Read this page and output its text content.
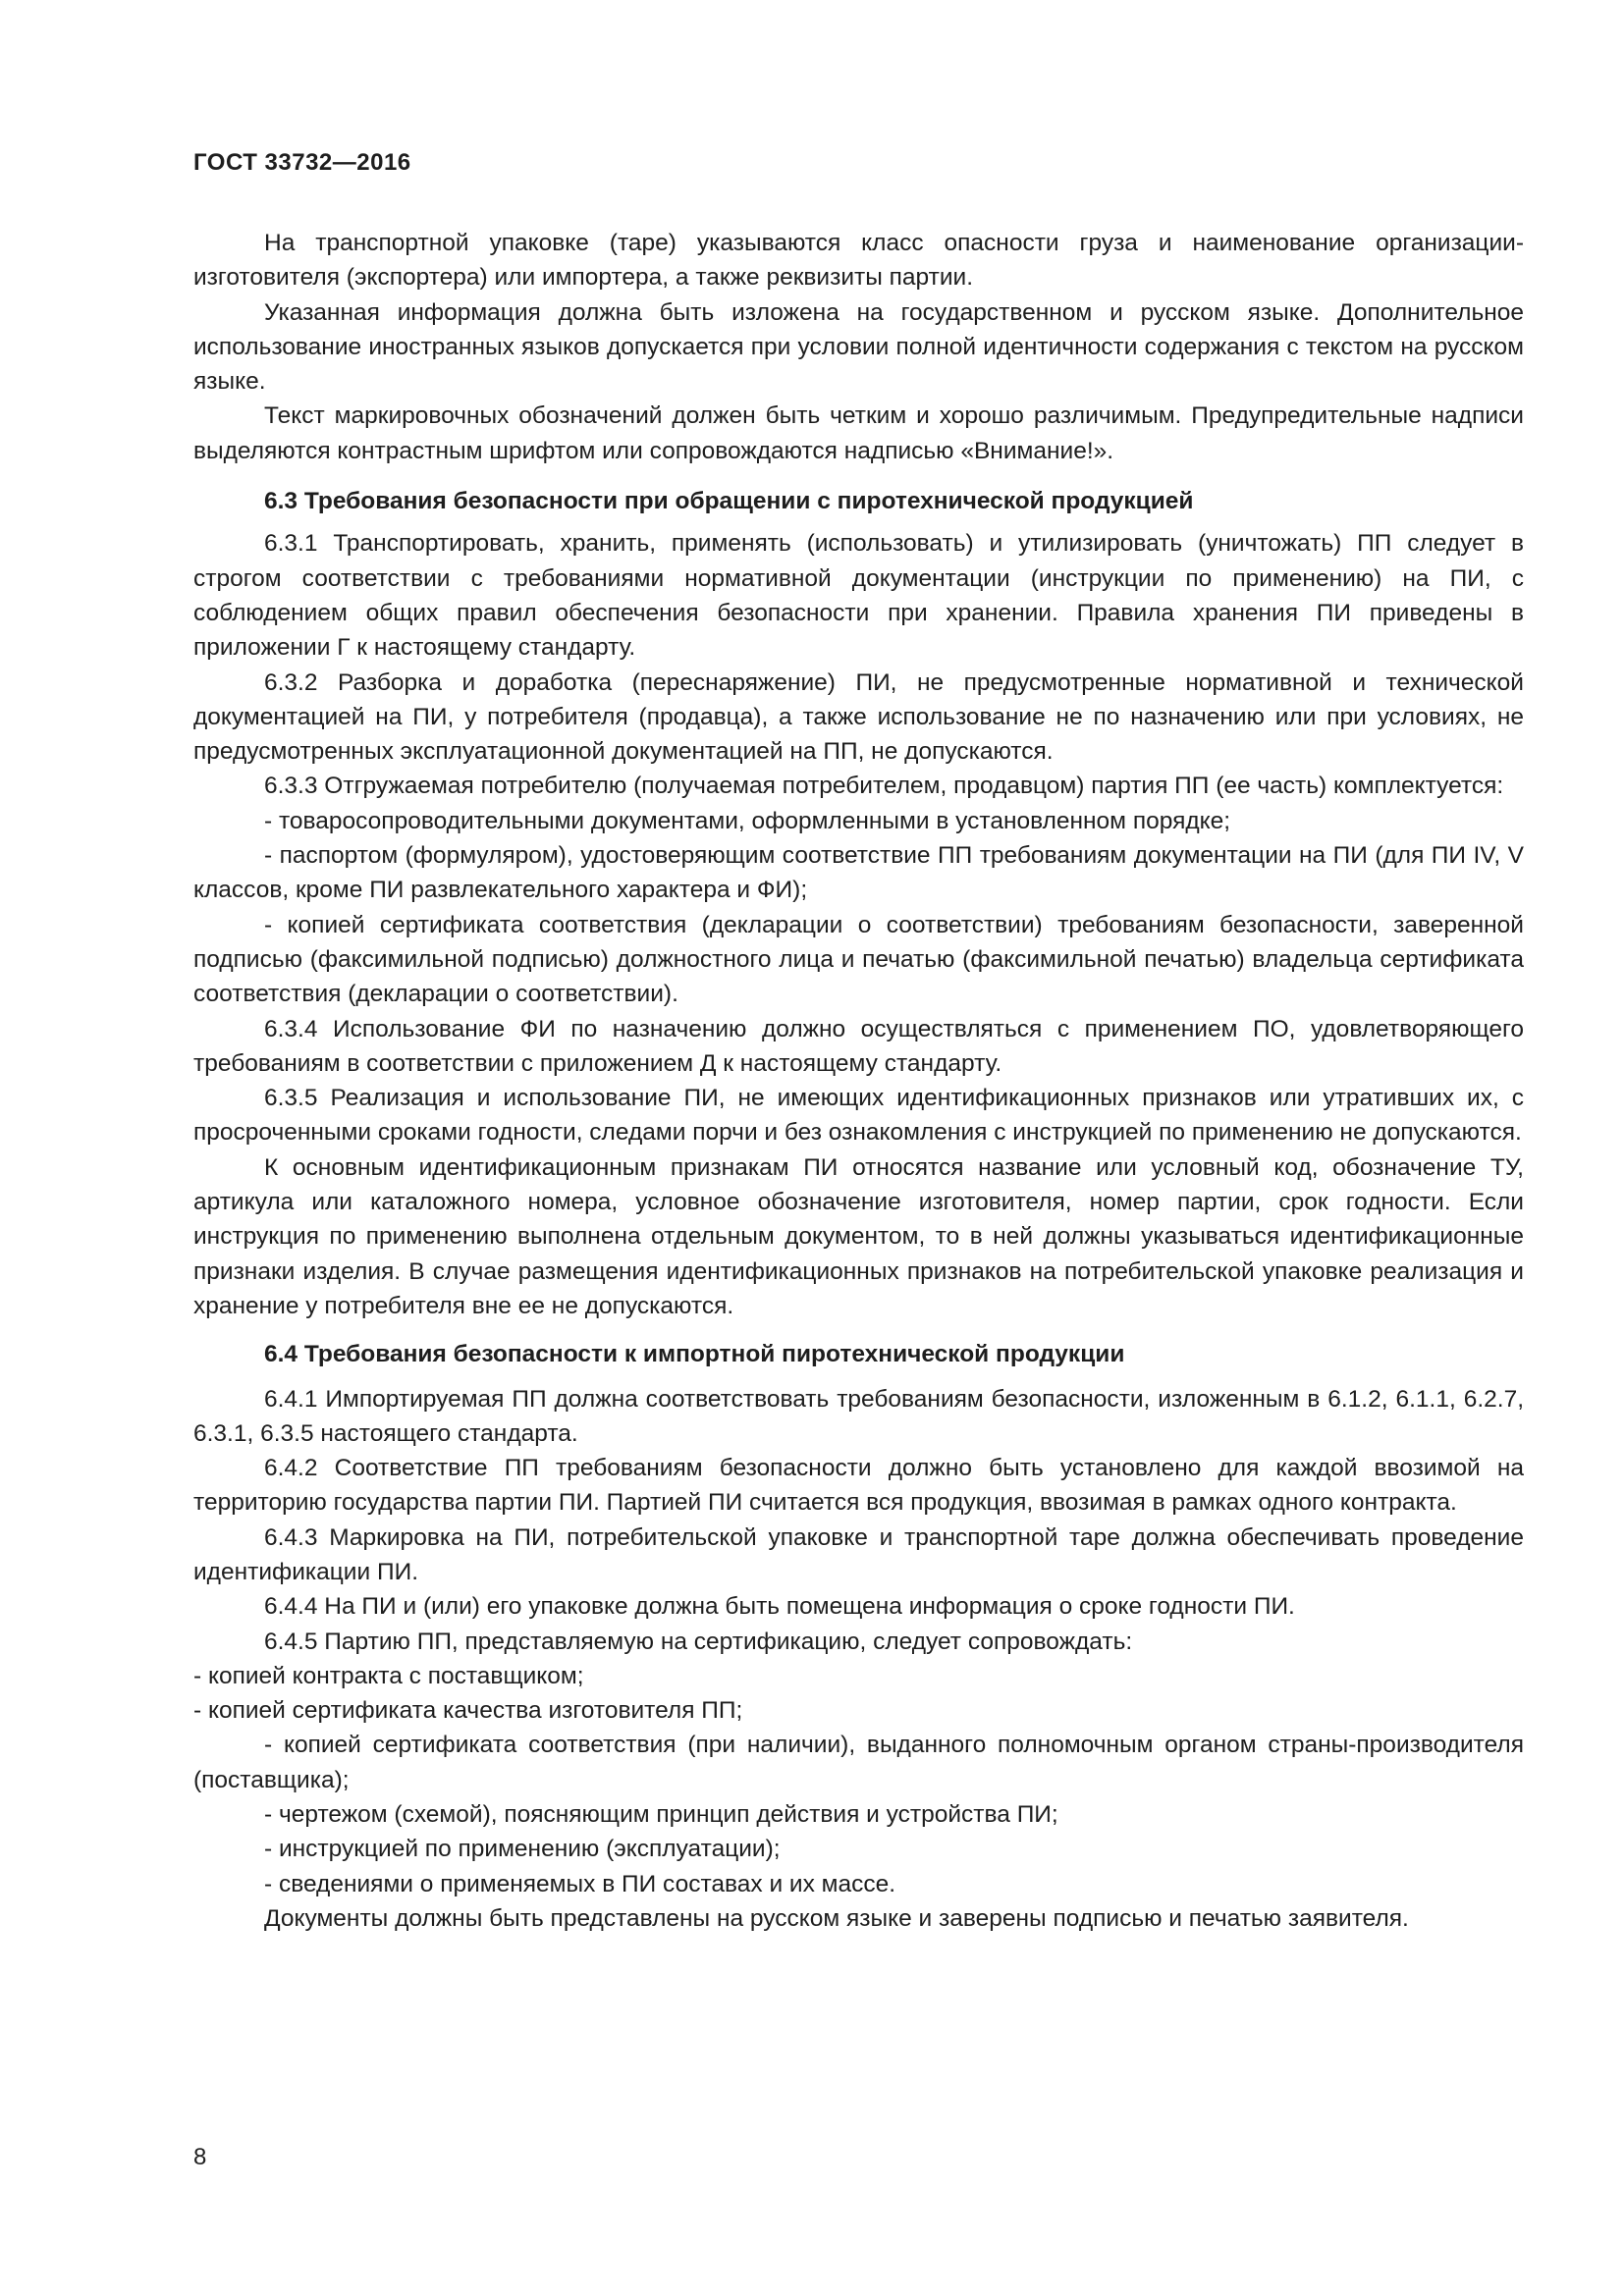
ГОСТ 33732—2016

На транспортной упаковке (таре) указываются класс опасности груза и наименование организации-изготовителя (экспортера) или импортера, а также реквизиты партии.

Указанная информация должна быть изложена на государственном и русском языке. Дополнительное использование иностранных языков допускается при условии полной идентичности содержания с текстом на русском языке.

Текст маркировочных обозначений должен быть четким и хорошо различимым. Предупредительные надписи выделяются контрастным шрифтом или сопровождаются надписью «Внимание!».

6.3 Требования безопасности при обращении с пиротехнической продукцией

6.3.1 Транспортировать, хранить, применять (использовать) и утилизировать (уничтожать) ПП следует в строгом соответствии с требованиями нормативной документации (инструкции по применению) на ПИ, с соблюдением общих правил обеспечения безопасности при хранении. Правила хранения ПИ приведены в приложении Г к настоящему стандарту.

6.3.2 Разборка и доработка (переснаряжение) ПИ, не предусмотренные нормативной и технической документацией на ПИ, у потребителя (продавца), а также использование не по назначению или при условиях, не предусмотренных эксплуатационной документацией на ПП, не допускаются.

6.3.3 Отгружаемая потребителю (получаемая потребителем, продавцом) партия ПП (ее часть) комплектуется:

- товаросопроводительными документами, оформленными в установленном порядке;

- паспортом (формуляром), удостоверяющим соответствие ПП требованиям документации на ПИ (для ПИ IV, V классов, кроме ПИ развлекательного характера и ФИ);

- копией сертификата соответствия (декларации о соответствии) требованиям безопасности, заверенной подписью (факсимильной подписью) должностного лица и печатью (факсимильной печатью) владельца сертификата соответствия (декларации о соответствии).

6.3.4 Использование ФИ по назначению должно осуществляться с применением ПО, удовлетворяющего требованиям в соответствии с приложением Д к настоящему стандарту.

6.3.5 Реализация и использование ПИ, не имеющих идентификационных признаков или утративших их, с просроченными сроками годности, следами порчи и без ознакомления с инструкцией по применению не допускаются.

К основным идентификационным признакам ПИ относятся название или условный код, обозначение ТУ, артикула или каталожного номера, условное обозначение изготовителя, номер партии, срок годности. Если инструкция по применению выполнена отдельным документом, то в ней должны указываться идентификационные признаки изделия. В случае размещения идентификационных признаков на потребительской упаковке реализация и хранение у потребителя вне ее не допускаются.

6.4 Требования безопасности к импортной пиротехнической продукции

6.4.1 Импортируемая ПП должна соответствовать требованиям безопасности, изложенным в 6.1.2, 6.1.1, 6.2.7, 6.3.1, 6.3.5 настоящего стандарта.

6.4.2 Соответствие ПП требованиям безопасности должно быть установлено для каждой ввозимой на территорию государства партии ПИ. Партией ПИ считается вся продукция, ввозимая в рамках одного контракта.

6.4.3 Маркировка на ПИ, потребительской упаковке и транспортной таре должна обеспечивать проведение идентификации ПИ.

6.4.4 На ПИ и (или) его упаковке должна быть помещена информация о сроке годности ПИ.

6.4.5 Партию ПП, представляемую на сертификацию, следует сопровождать:

- копией контракта с поставщиком;

- копией сертификата качества изготовителя ПП;

- копией сертификата соответствия (при наличии), выданного полномочным органом страны-производителя (поставщика);

- чертежом (схемой), поясняющим принцип действия и устройства ПИ;

- инструкцией по применению (эксплуатации);

- сведениями о применяемых в ПИ составах и их массе.

Документы должны быть представлены на русском языке и заверены подписью и печатью заявителя.

8
